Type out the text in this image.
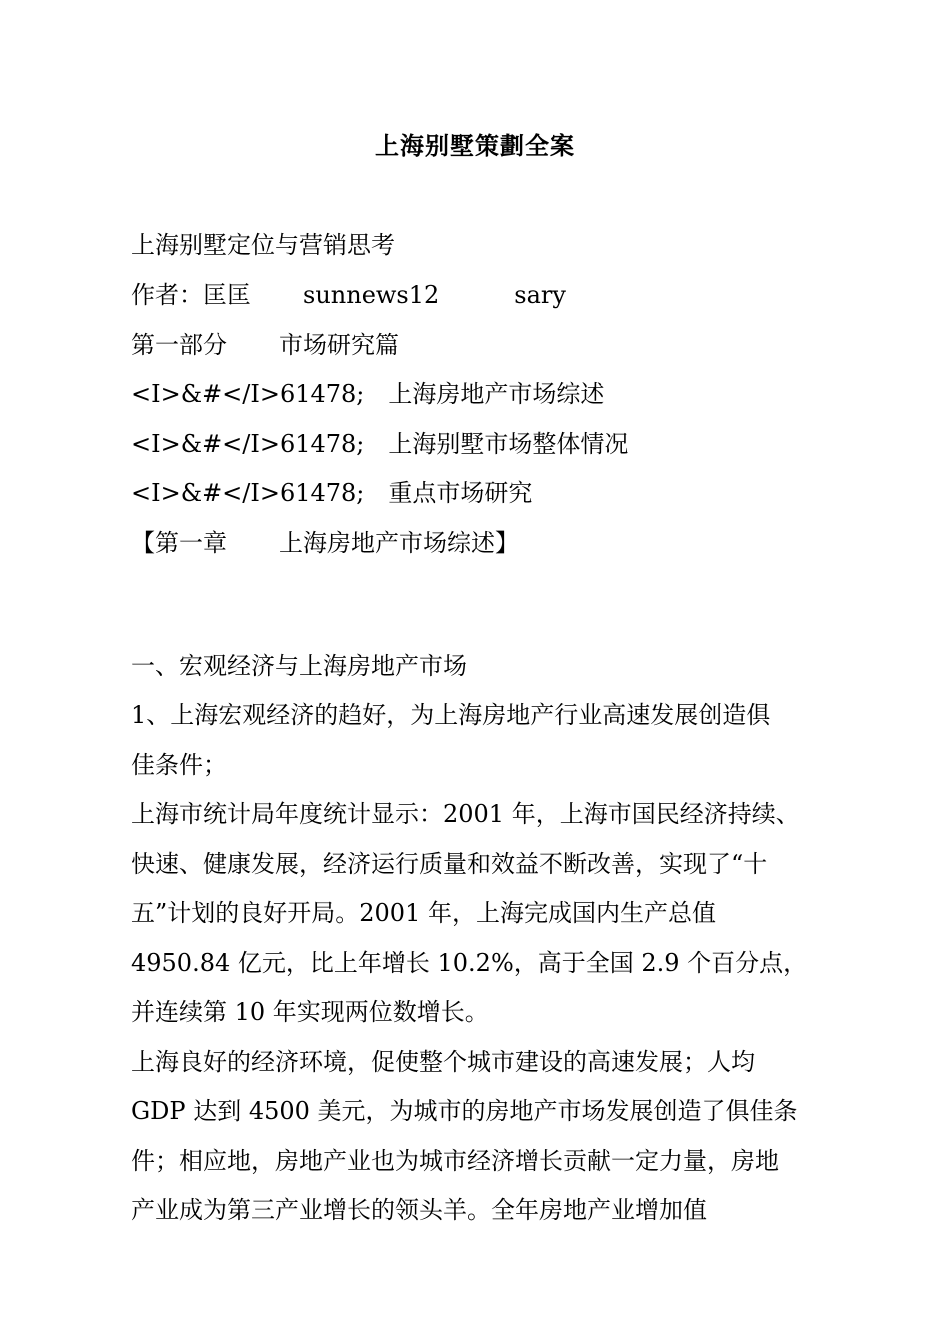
上海别墅策劃全案
上海别墅定位与营销思考
作者：匡匡 sunnews12	sary
第一部分 市场研究篇
<I>&#</I>61478; 上海房地产市场综述
<I>&#</I>61478; 上海别墅市场整体情况
<I>&#</I>61478; 重点市场研究
【第一章 上海房地产市场综述】
一、宏观经济与上海房地产市场
1、上海宏观经济的趋好，为上海房地产行业高速发展创造俱
佳条件；
上海市统计局年度统计显示：2001 年，上海市国民经济持续、
快速、健康发展，经济运行质量和效益不断改善，实现了“十
五”计划的良好开局。2001 年，上海完成国内生产总值
4950.84 亿元，比上年增长 10.2%，高于全国 2.9 个百分点，
并连续第 10 年实现两位数增长。
上海良好的经济环境，促使整个城市建设的高速发展；人均
GDP 达到 4500 美元，为城市的房地产市场发展创造了俱佳条
件；相应地，房地产业也为城市经济增长贡献一定力量，房地
产业成为第三产业增长的领头羊。全年房地产业增加值
